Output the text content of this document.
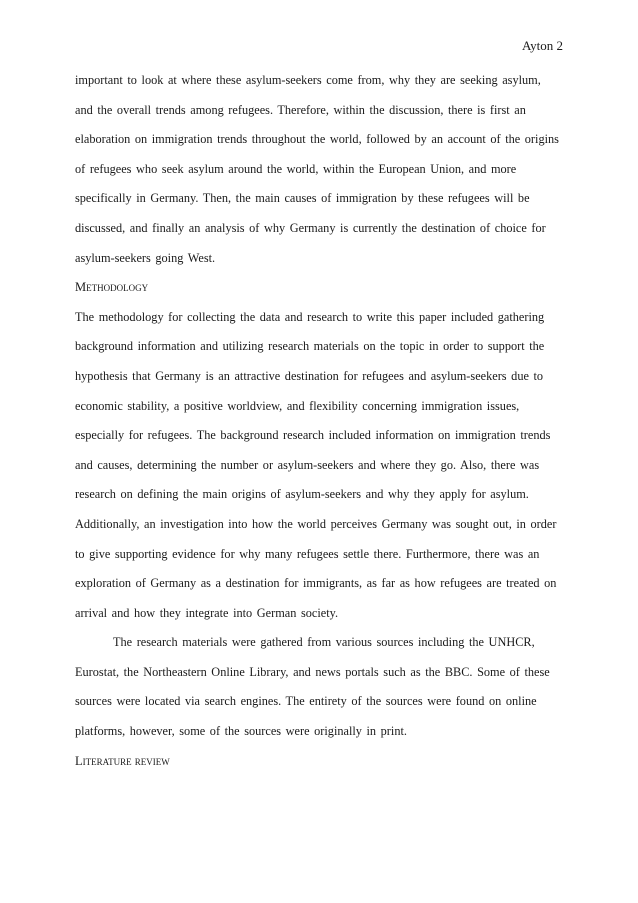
Ayton 2
important to look at where these asylum-seekers come from, why they are seeking asylum,
and the overall trends among refugees. Therefore, within the discussion, there is first an
elaboration on immigration trends throughout the world, followed by an account of the origins
of refugees who seek asylum around the world, within the European Union, and more
specifically in Germany. Then, the main causes of immigration by these refugees will be
discussed, and finally an analysis of why Germany is currently the destination of choice for
asylum-seekers going West.
Methodology
The methodology for collecting the data and research to write this paper included gathering
background information and utilizing research materials on the topic in order to support the
hypothesis that Germany is an attractive destination for refugees and asylum-seekers due to
economic stability, a positive worldview, and flexibility concerning immigration issues,
especially for refugees. The background research included information on immigration trends
and causes, determining the number or asylum-seekers and where they go. Also, there was
research on defining the main origins of asylum-seekers and why they apply for asylum.
Additionally, an investigation into how the world perceives Germany was sought out, in order
to give supporting evidence for why many refugees settle there. Furthermore, there was an
exploration of Germany as a destination for immigrants, as far as how refugees are treated on
arrival and how they integrate into German society.
The research materials were gathered from various sources including the UNHCR,
Eurostat, the Northeastern Online Library, and news portals such as the BBC. Some of these
sources were located via search engines. The entirety of the sources were found on online
platforms, however, some of the sources were originally in print.
Literature review
